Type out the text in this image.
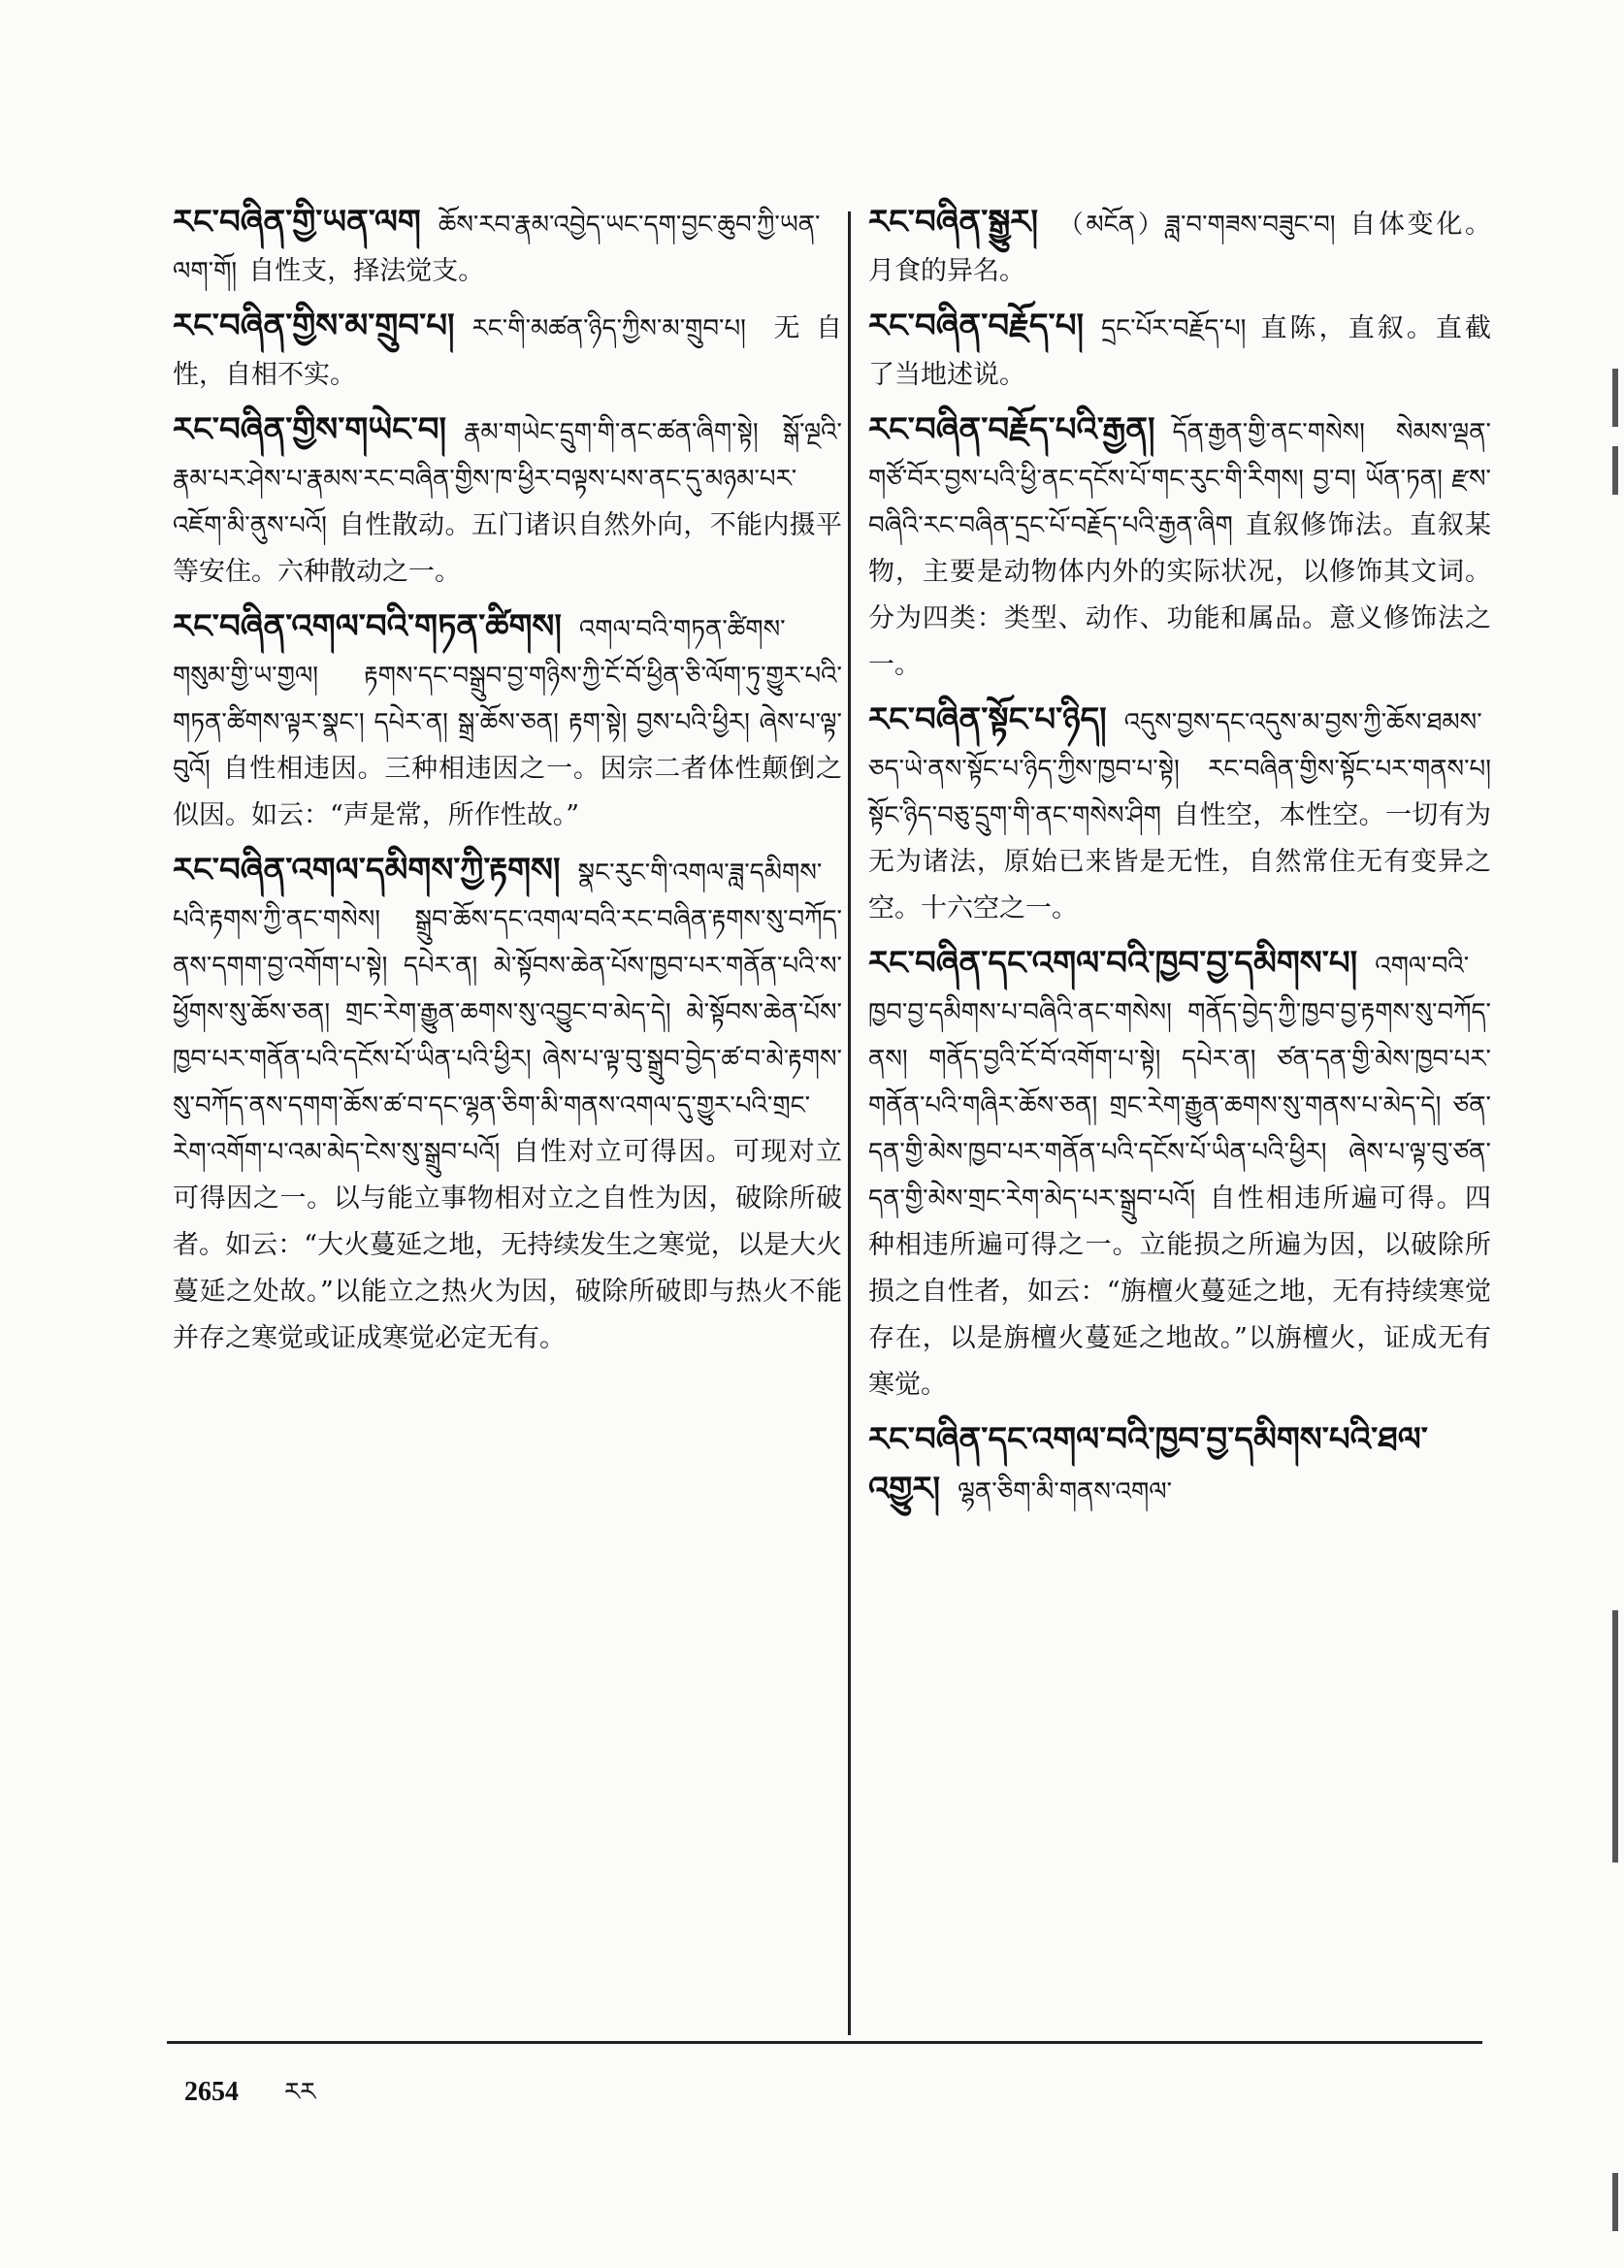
རང་བཞིན་གྱི་ཡན་ལག ཆོས་རབ་རྣམ་འབྱེད་ཡང་དག་བྱང་ཆུབ་ཀྱི་ཡན་ལག་གོ། 自性支，择法觉支。
རང་བཞིན་གྱིས་མ་གྲུབ་པ། རང་གི་མཚན་ཉིད་ཀྱིས་མ་གྲུབ་པ། 无自性，自相不实。
རང་བཞིན་གྱིས་གཡེང་བ། རྣམ་གཡེང་དྲུག་གི་ནང་ཚན་ཞིག་སྟེ། སྒོ་ལྔའི་རྣམ་པར་ཤེས་པ་རྣམས་རང་བཞིན་གྱིས་ཁ་ཕྱིར་བལྟས་པས་ནང་དུ་མཉམ་པར་འཇོག་མི་ནུས་པའོ། 自性散动。五门诸识自然外向，不能内摄平等安住。六种散动之一。
རང་བཞིན་འགལ་བའི་གཏན་ཚིགས། འགལ་བའི་གཏན་ཚིགས་གསུམ་གྱི་ཡ་གྱལ། རྟགས་དང་བསྒྲུབ་བྱ་གཉིས་ཀྱི་ངོ་བོ་ཕྱིན་ཅི་ལོག་ཏུ་གྱུར་པའི་གཏན་ཚིགས་ལྟར་སྣང་། དཔེར་ན། སྒྲ་ཆོས་ཅན། རྟག་སྟེ། བྱས་པའི་ཕྱིར། ཞེས་པ་ལྟ་བུའོ། 自性相违因。三种相违因之一。因宗二者体性颠倒之似因。如云：“声是常，所作性故。”
རང་བཞིན་འགལ་དམིགས་ཀྱི་རྟགས། སྣང་རུང་གི་འགལ་ཟླ་དམིགས་པའི་རྟགས་ཀྱི་ནང་གསེས། སྒྲུབ་ཆོས་དང་འགལ་བའི་རང་བཞིན་རྟགས་སུ་བཀོད་ནས་དགག་བྱ་འགོག་པ་སྟེ། དཔེར་ན། མེ་སྟོབས་ཆེན་པོས་ཁྱབ་པར་གནོན་པའི་ས་ཕྱོགས་སུ་ཆོས་ཅན། གྲང་རེག་རྒྱུན་ཆགས་སུ་འབྱུང་བ་མེད་དེ། མེ་སྟོབས་ཆེན་པོས་ཁྱབ་པར་གནོན་པའི་དངོས་པོ་ཡིན་པའི་ཕྱིར། ཞེས་པ་ལྟ་བུ་སྒྲུབ་བྱེད་ཚ་བ་མེ་རྟགས་སུ་བཀོད་ནས་དགག་ཆོས་ཚ་བ་དང་ལྷན་ཅིག་མི་གནས་འགལ་དུ་གྱུར་པའི་གྲང་རེག་འགོག་པ་འམ་མེད་ངེས་སུ་སྒྲུབ་པའོ། 自性对立可得因。可现对立可得因之一。以与能立事物相对立之自性为因，破除所破者。如云：“大火蔓延之地，无持续发生之寒觉，以是大火蔓延之处故。”以能立之热火为因，破除所破即与热火不能并存之寒觉或证成寒觉必定无有。
རང་བཞིན་སྒྱུར། （མངོན）ཟླ་བ་གཟས་བཟུང་བ། 自体变化。月食的异名。
རང་བཞིན་བརྗོད་པ། དྲང་པོར་བརྗོད་པ། 直陈，直叙。直截了当地述说。
རང་བཞིན་བརྗོད་པའི་རྒྱན། དོན་རྒྱན་གྱི་ནང་གསེས། སེམས་ལྡན་གཙོ་བོར་བྱས་པའི་ཕྱི་ནང་དངོས་པོ་གང་རུང་གི་རིགས། བྱ་བ། ཡོན་ཏན། རྫས་བཞིའི་རང་བཞིན་དྲང་པོ་བརྗོད་པའི་རྒྱན་ཞིག 直叙修饰法。直叙某物，主要是动物体内外的实际状况，以修饰其文词。分为四类：类型、动作、功能和属品。意义修饰法之一。
རང་བཞིན་སྟོང་པ་ཉིད། འདུས་བྱས་དང་འདུས་མ་བྱས་ཀྱི་ཆོས་ཐམས་ཅད་ཡེ་ནས་སྟོང་པ་ཉིད་ཀྱིས་ཁྱབ་པ་སྟེ། རང་བཞིན་གྱིས་སྟོང་པར་གནས་པ། སྟོང་ཉིད་བཅུ་དྲུག་གི་ནང་གསེས་ཤིག 自性空，本性空。一切有为无为诸法，原始已来皆是无性，自然常住无有变异之空。十六空之一。
རང་བཞིན་དང་འགལ་བའི་ཁྱབ་བྱ་དམིགས་པ། འགལ་བའི་ཁྱབ་བྱ་དམིགས་པ་བཞིའི་ནང་གསེས། གནོད་བྱེད་ཀྱི་ཁྱབ་བྱ་རྟགས་སུ་བཀོད་ནས། གནོད་བྱའི་ངོ་བོ་འགོག་པ་སྟེ། དཔེར་ན། ཙན་དན་གྱི་མེས་ཁྱབ་པར་གནོན་པའི་གཞིར་ཆོས་ཅན། གྲང་རེག་རྒྱུན་ཆགས་སུ་གནས་པ་མེད་དེ། ཙན་དན་གྱི་མེས་ཁྱབ་པར་གནོན་པའི་དངོས་པོ་ཡིན་པའི་ཕྱིར། ཞེས་པ་ལྟ་བུ་ཙན་དན་གྱི་མེས་གྲང་རེག་མེད་པར་སྒྲུབ་པའོ། 自性相违所遍可得。四种相违所遍可得之一。立能损之所遍为因，以破除所损之自性者，如云：“旃檀火蔓延之地，无有持续寒觉存在，以是旃檀火蔓延之地故。”以旃檀火，证成无有寒觉。
རང་བཞིན་དང་འགལ་བའི་ཁྱབ་བྱ་དམིགས་པའི་ཐལ་འགྱུར། ལྷན་ཅིག་མི་གནས་འགལ་
2654 རར
